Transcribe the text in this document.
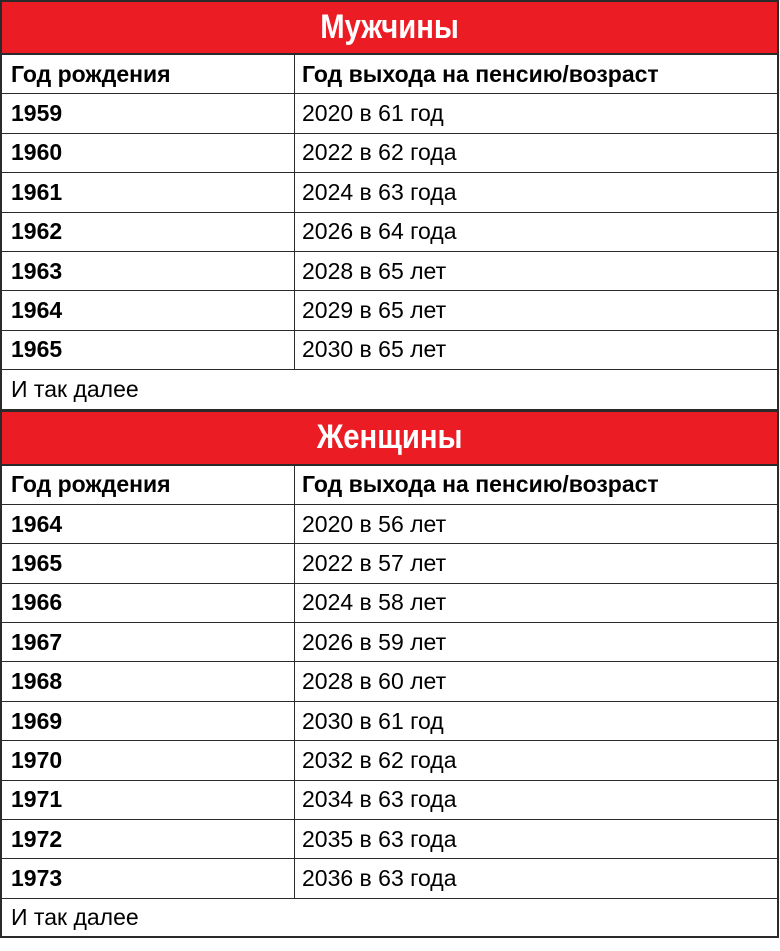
Мужчины
Год рождения	Год выхода на пенсию/возраст
1959	2020 в 61 год
1960	2022 в 62 года
1961	2024 в 63 года
1962	2026 в 64 года
1963	2028 в 65 лет
1964	2029 в 65 лет
1965	2030 в 65 лет
И так далее
Женщины
Год рождения	Год выхода на пенсию/возраст
1964	2020 в 56 лет
1965	2022 в 57 лет
1966	2024 в 58 лет
1967	2026 в 59 лет
1968	2028 в 60 лет
1969	2030 в 61 год
1970	2032 в 62 года
1971	2034 в 63 года
1972	2035 в 63 года
1973	2036 в 63 года
И так далее
